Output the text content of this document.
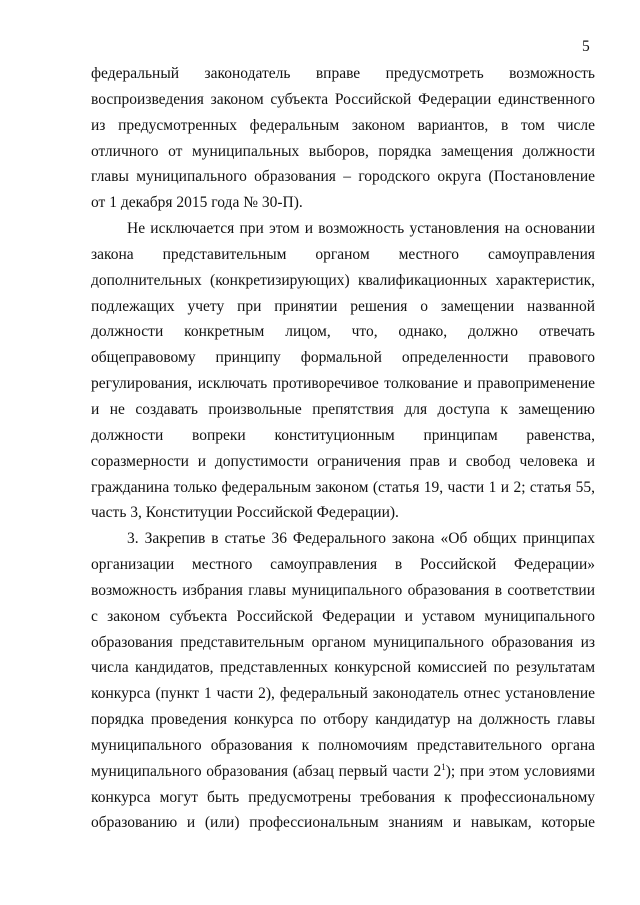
5
федеральный законодатель вправе предусмотреть возможность
воспроизведения законом субъекта Российской Федерации единственного
из предусмотренных федеральным законом вариантов, в том числе
отличного от муниципальных выборов, порядка замещения должности
главы муниципального образования – городского округа (Постановление
от 1 декабря 2015 года № 30-П).
Не исключается при этом и возможность установления на основании
закона представительным органом местного самоуправления
дополнительных (конкретизирующих) квалификационных характеристик,
подлежащих учету при принятии решения о замещении названной
должности конкретным лицом, что, однако, должно отвечать
общеправовому принципу формальной определенности правового
регулирования, исключать противоречивое толкование и правоприменение
и не создавать произвольные препятствия для доступа к замещению
должности вопреки конституционным принципам равенства,
соразмерности и допустимости ограничения прав и свобод человека и
гражданина только федеральным законом (статья 19, части 1 и 2; статья 55,
часть 3, Конституции Российской Федерации).
3. Закрепив в статье 36 Федерального закона «Об общих принципах
организации местного самоуправления в Российской Федерации»
возможность избрания главы муниципального образования в соответствии
с законом субъекта Российской Федерации и уставом муниципального
образования представительным органом муниципального образования из
числа кандидатов, представленных конкурсной комиссией по результатам
конкурса (пункт 1 части 2), федеральный законодатель отнес установление
порядка проведения конкурса по отбору кандидатур на должность главы
муниципального образования к полномочиям представительного органа
муниципального образования (абзац первый части $2^1$); при этом условиями
конкурса могут быть предусмотрены требования к профессиональному
образованию и (или) профессиональным знаниям и навыкам, которые
